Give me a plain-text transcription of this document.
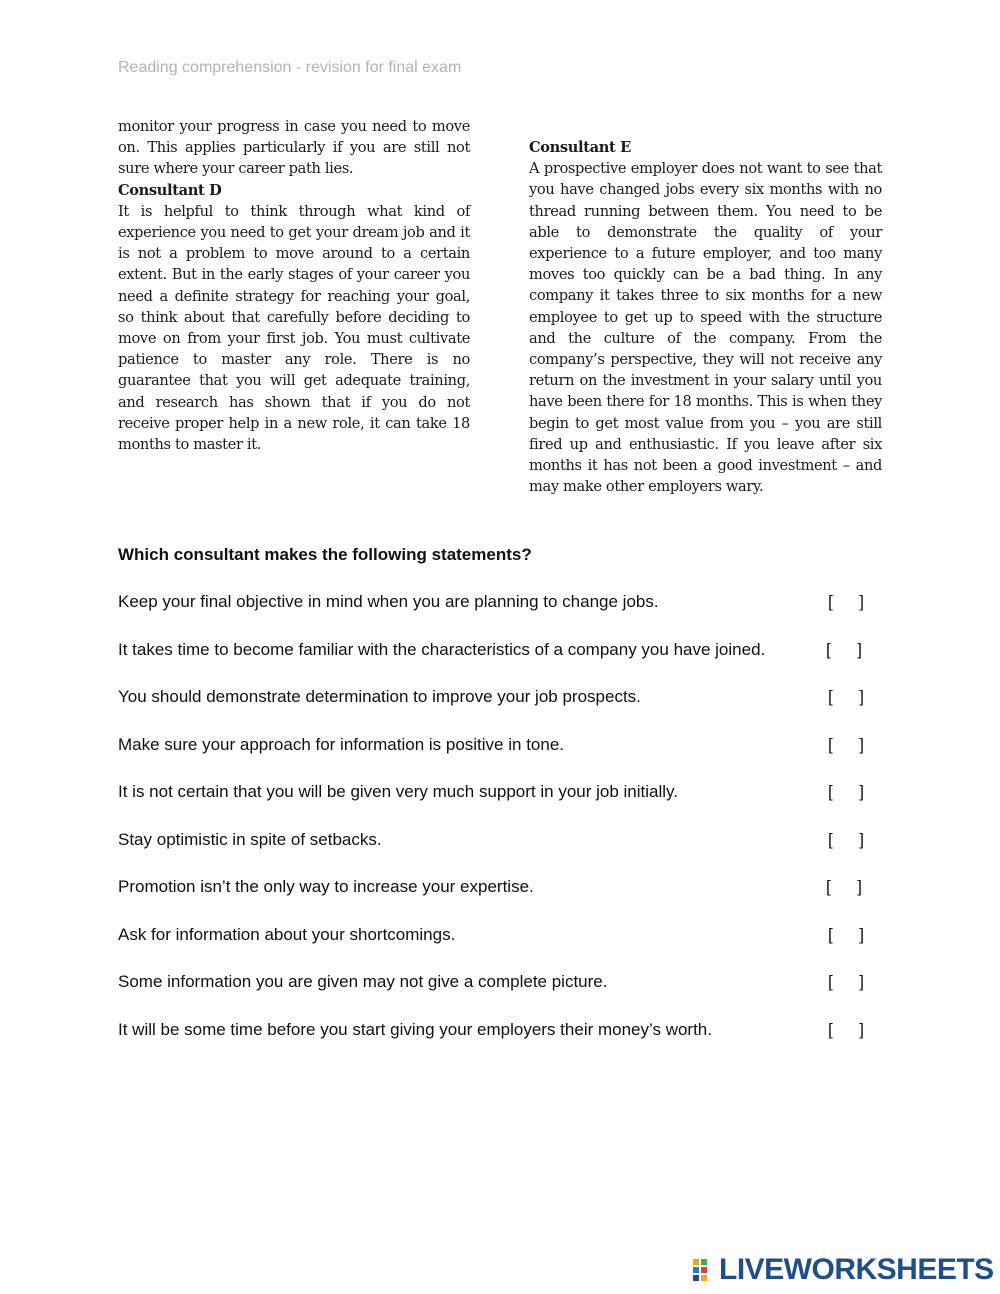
Reading comprehension - revision for final exam

monitor your progress in case you need to move on. This applies particularly if you are still not sure where your career path lies.

Consultant D

It is helpful to think through what kind of experience you need to get your dream job and it is not a problem to move around to a certain extent. But in the early stages of your career you need a definite strategy for reaching your goal, so think about that carefully before deciding to move on from your first job. You must cultivate patience to master any role. There is no guarantee that you will get adequate training, and research has shown that if you do not receive proper help in a new role, it can take 18 months to master it.

Consultant E

A prospective employer does not want to see that you have changed jobs every six months with no thread running between them. You need to be able to demonstrate the quality of your experience to a future employer, and too many moves too quickly can be a bad thing. In any company it takes three to six months for a new employee to get up to speed with the structure and the culture of the company. From the company’s perspective, they will not receive any return on the investment in your salary until you have been there for 18 months. This is when they begin to get most value from you – you are still fired up and enthusiastic. If you leave after six months it has not been a good investment – and may make other employers wary.

Which consultant makes the following statements?
Keep your final objective in mind when you are planning to change jobs.	[ ]
It takes time to become familiar with the characteristics of a company you have joined.	[ ]
You should demonstrate determination to improve your job prospects.	[ ]
Make sure your approach for information is positive in tone.	[ ]
It is not certain that you will be given very much support in your job initially.	[ ]
Stay optimistic in spite of setbacks.	[ ]
Promotion isn’t the only way to increase your expertise.	[ ]
Ask for information about your shortcomings.	[ ]
Some information you are given may not give a complete picture.	[ ]
It will be some time before you start giving your employers their money’s worth.	[ ]
LIVEWORKSHEETS
